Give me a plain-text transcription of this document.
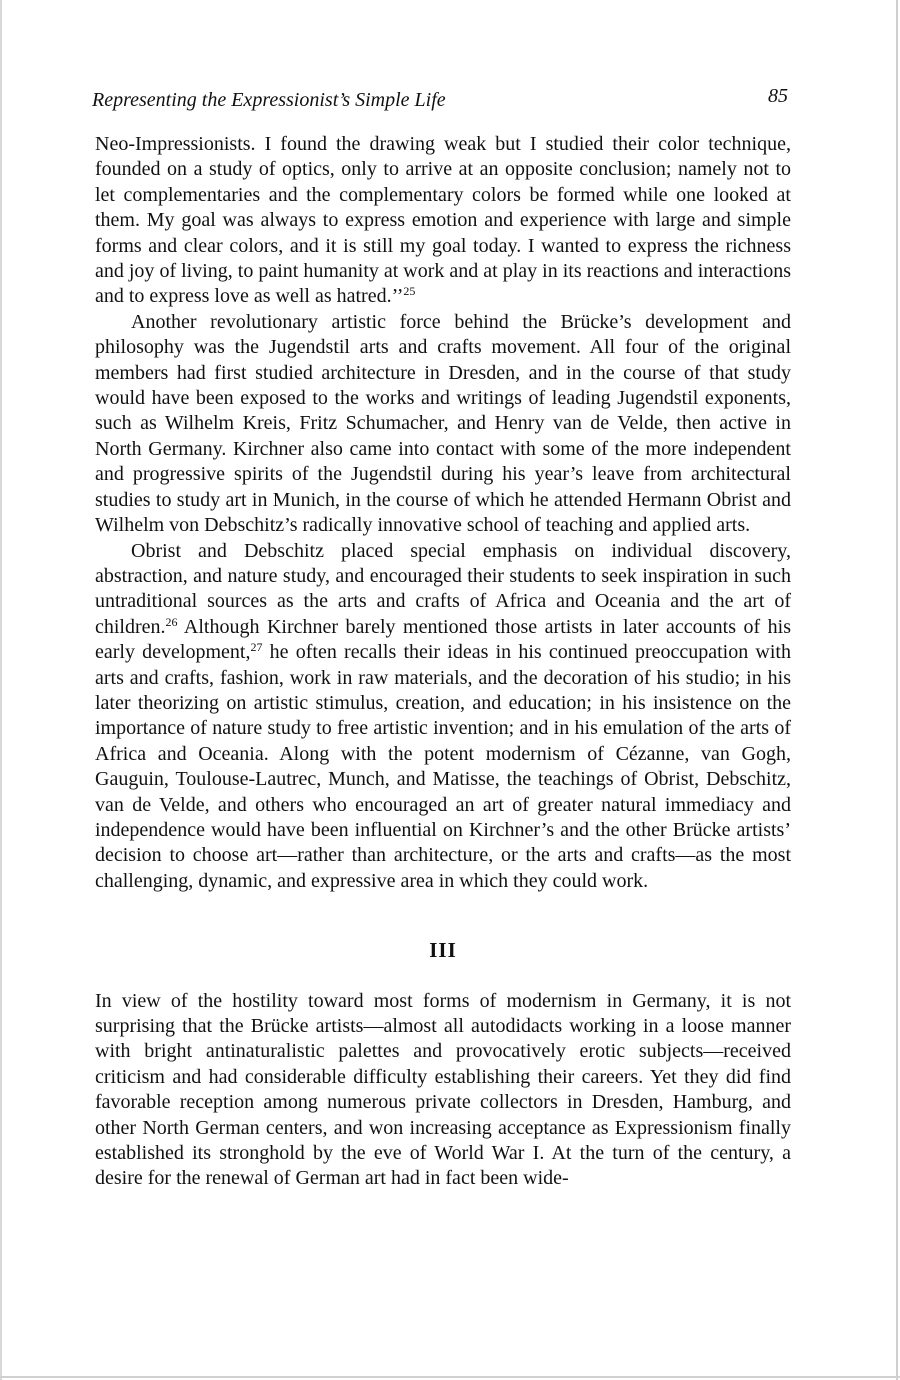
Representing the Expressionist’s Simple Life	85

Neo-Impressionists. I found the drawing weak but I studied their color technique, founded on a study of optics, only to arrive at an opposite conclusion; namely not to let complementaries and the complementary colors be formed while one looked at them. My goal was always to express emotion and experience with large and simple forms and clear colors, and it is still my goal today. I wanted to express the richness and joy of living, to paint humanity at work and at play in its reactions and interactions and to express love as well as hatred.’’$^{25}$

Another revolutionary artistic force behind the Brücke’s development and philosophy was the Jugendstil arts and crafts movement. All four of the original members had first studied architecture in Dresden, and in the course of that study would have been exposed to the works and writings of leading Jugendstil exponents, such as Wilhelm Kreis, Fritz Schumacher, and Henry van de Velde, then active in North Germany. Kirchner also came into contact with some of the more independent and progressive spirits of the Jugendstil during his year’s leave from architectural studies to study art in Munich, in the course of which he attended Hermann Obrist and Wilhelm von Debschitz’s radically innovative school of teaching and applied arts.

Obrist and Debschitz placed special emphasis on individual discovery, abstraction, and nature study, and encouraged their students to seek inspiration in such untraditional sources as the arts and crafts of Africa and Oceania and the art of children.$^{26}$ Although Kirchner barely mentioned those artists in later accounts of his early development,$^{27}$ he often recalls their ideas in his continued preoccupation with arts and crafts, fashion, work in raw materials, and the decoration of his studio; in his later theorizing on artistic stimulus, creation, and education; in his insistence on the importance of nature study to free artistic invention; and in his emulation of the arts of Africa and Oceania. Along with the potent modernism of Cézanne, van Gogh, Gauguin, Toulouse-Lautrec, Munch, and Matisse, the teachings of Obrist, Debschitz, van de Velde, and others who encouraged an art of greater natural immediacy and independence would have been influential on Kirchner’s and the other Brücke artists’ decision to choose art—rather than architecture, or the arts and crafts—as the most challenging, dynamic, and expressive area in which they could work.

III

In view of the hostility toward most forms of modernism in Germany, it is not surprising that the Brücke artists—almost all autodidacts working in a loose manner with bright antinaturalistic palettes and provocatively erotic subjects—received criticism and had considerable difficulty establishing their careers. Yet they did find favorable reception among numerous private collectors in Dresden, Hamburg, and other North German centers, and won increasing acceptance as Expressionism finally established its stronghold by the eve of World War I. At the turn of the century, a desire for the renewal of German art had in fact been wide-
